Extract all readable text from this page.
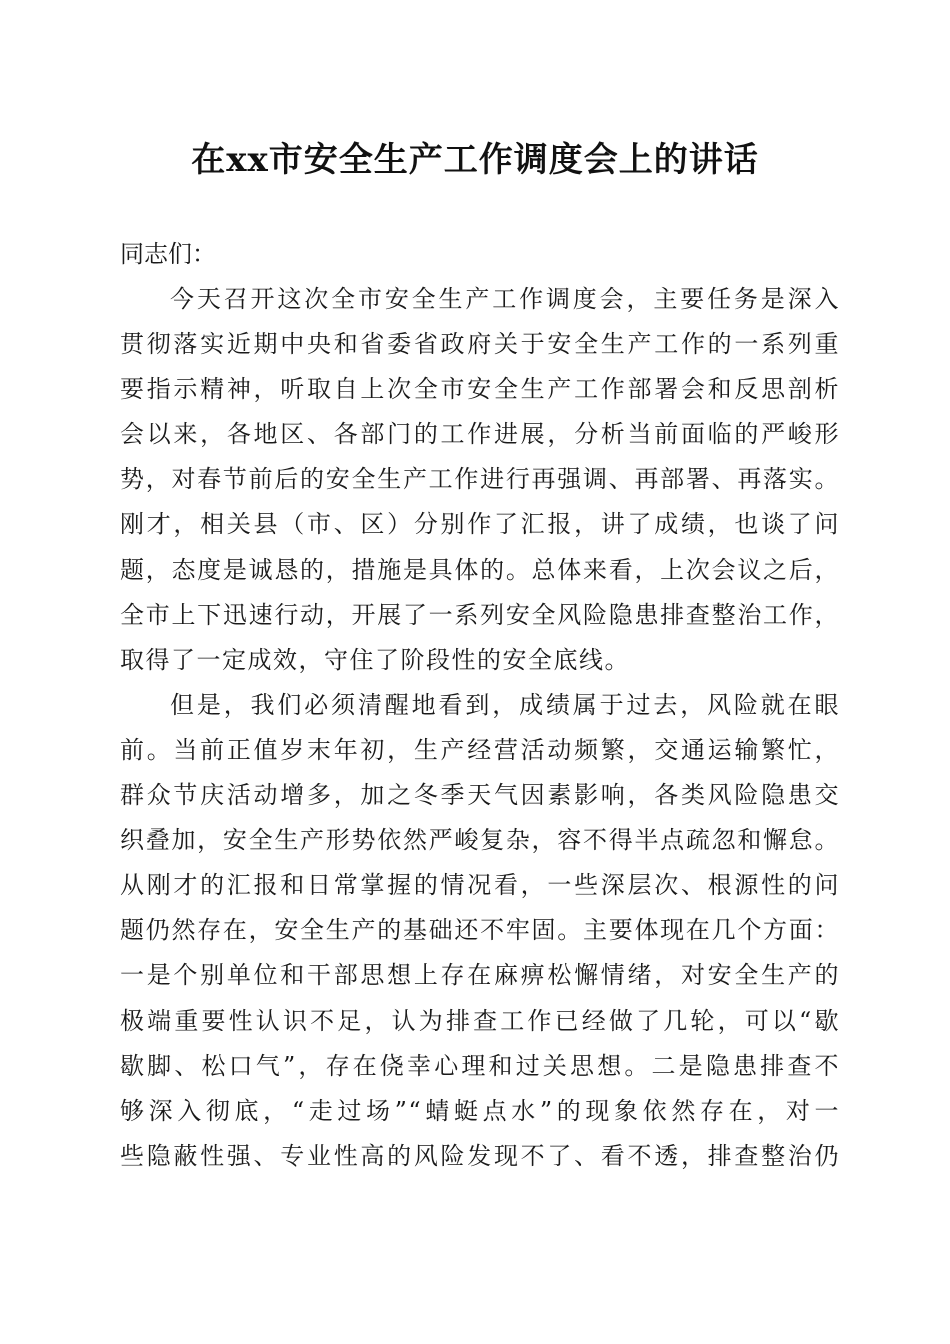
在xx市安全生产工作调度会上的讲话

同志们：

今天召开这次全市安全生产工作调度会，主要任务是深入
贯彻落实近期中央和省委省政府关于安全生产工作的一系列重
要指示精神，听取自上次全市安全生产工作部署会和反思剖析
会以来，各地区、各部门的工作进展，分析当前面临的严峻形
势，对春节前后的安全生产工作进行再强调、再部署、再落实。
刚才，相关县（市、区）分别作了汇报，讲了成绩，也谈了问
题，态度是诚恳的，措施是具体的。总体来看，上次会议之后，
全市上下迅速行动，开展了一系列安全风险隐患排查整治工作，
取得了一定成效，守住了阶段性的安全底线。
但是，我们必须清醒地看到，成绩属于过去，风险就在眼
前。当前正值岁末年初，生产经营活动频繁，交通运输繁忙，
群众节庆活动增多，加之冬季天气因素影响，各类风险隐患交
织叠加，安全生产形势依然严峻复杂，容不得半点疏忽和懈怠。
从刚才的汇报和日常掌握的情况看，一些深层次、根源性的问
题仍然存在，安全生产的基础还不牢固。主要体现在几个方面：
一是个别单位和干部思想上存在麻痹松懈情绪，对安全生产的
极端重要性认识不足，认为排查工作已经做了几轮，可以“歇
歇脚、松口气”，存在侥幸心理和过关思想。二是隐患排查不
够深入彻底，“走过场”“蜻蜓点水”的现象依然存在，对一
些隐蔽性强、专业性高的风险发现不了、看不透，排查整治仍
